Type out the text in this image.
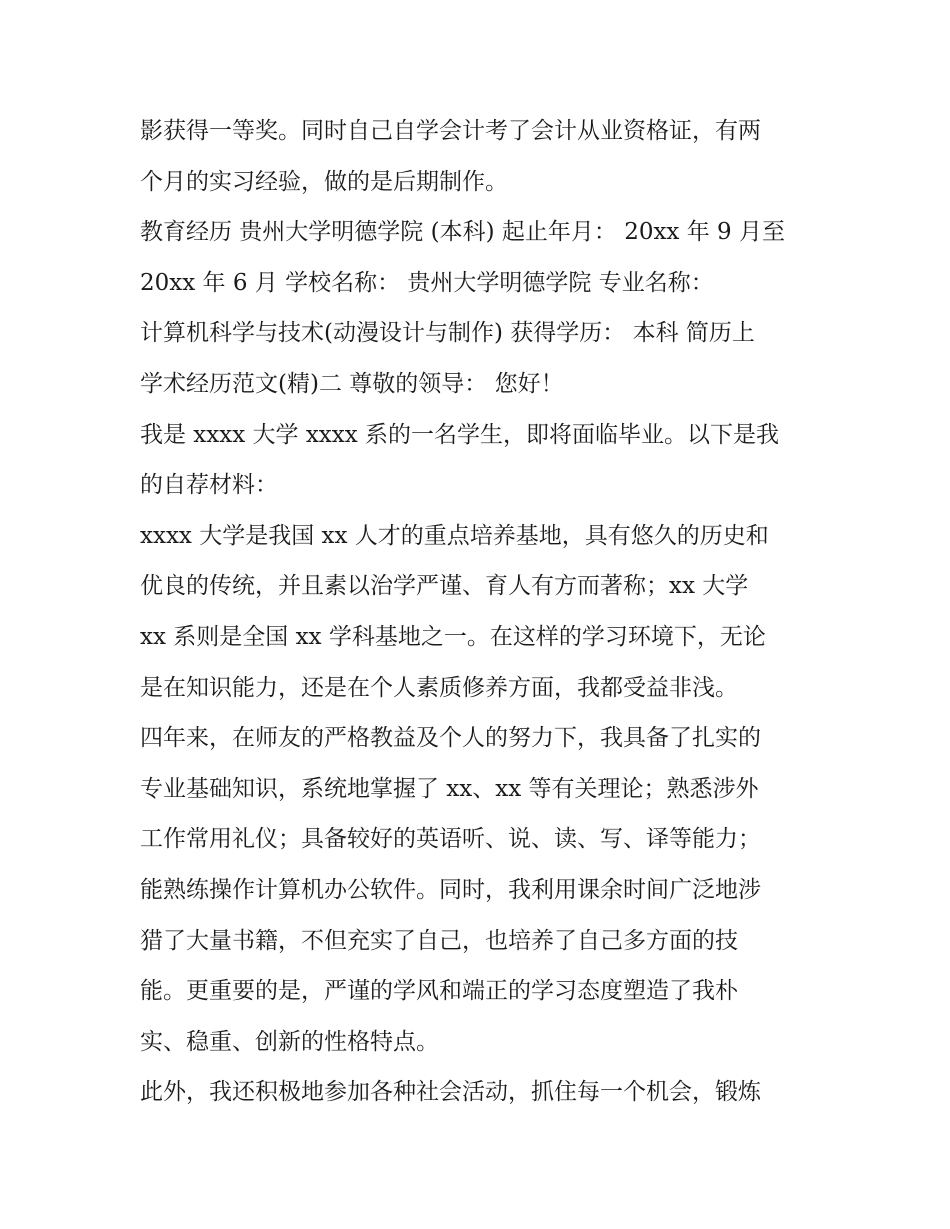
影获得一等奖。同时自己自学会计考了会计从业资格证，有两
个月的实习经验，做的是后期制作。
教育经历 贵州大学明德学院 (本科) 起止年月： 20xx 年 9 月至
20xx 年 6 月 学校名称： 贵州大学明德学院 专业名称：
计算机科学与技术(动漫设计与制作) 获得学历： 本科 简历上
学术经历范文(精)二 尊敬的领导： 您好！
我是 xxxx 大学 xxxx 系的一名学生，即将面临毕业。以下是我
的自荐材料：
xxxx 大学是我国 xx 人才的重点培养基地，具有悠久的历史和
优良的传统，并且素以治学严谨、育人有方而著称；xx 大学
xx 系则是全国 xx 学科基地之一。在这样的学习环境下，无论
是在知识能力，还是在个人素质修养方面，我都受益非浅。
四年来，在师友的严格教益及个人的努力下，我具备了扎实的
专业基础知识，系统地掌握了 xx、xx 等有关理论；熟悉涉外
工作常用礼仪；具备较好的英语听、说、读、写、译等能力；
能熟练操作计算机办公软件。同时，我利用课余时间广泛地涉
猎了大量书籍，不但充实了自己，也培养了自己多方面的技
能。更重要的是，严谨的学风和端正的学习态度塑造了我朴
实、稳重、创新的性格特点。
此外，我还积极地参加各种社会活动，抓住每一个机会，锻炼
